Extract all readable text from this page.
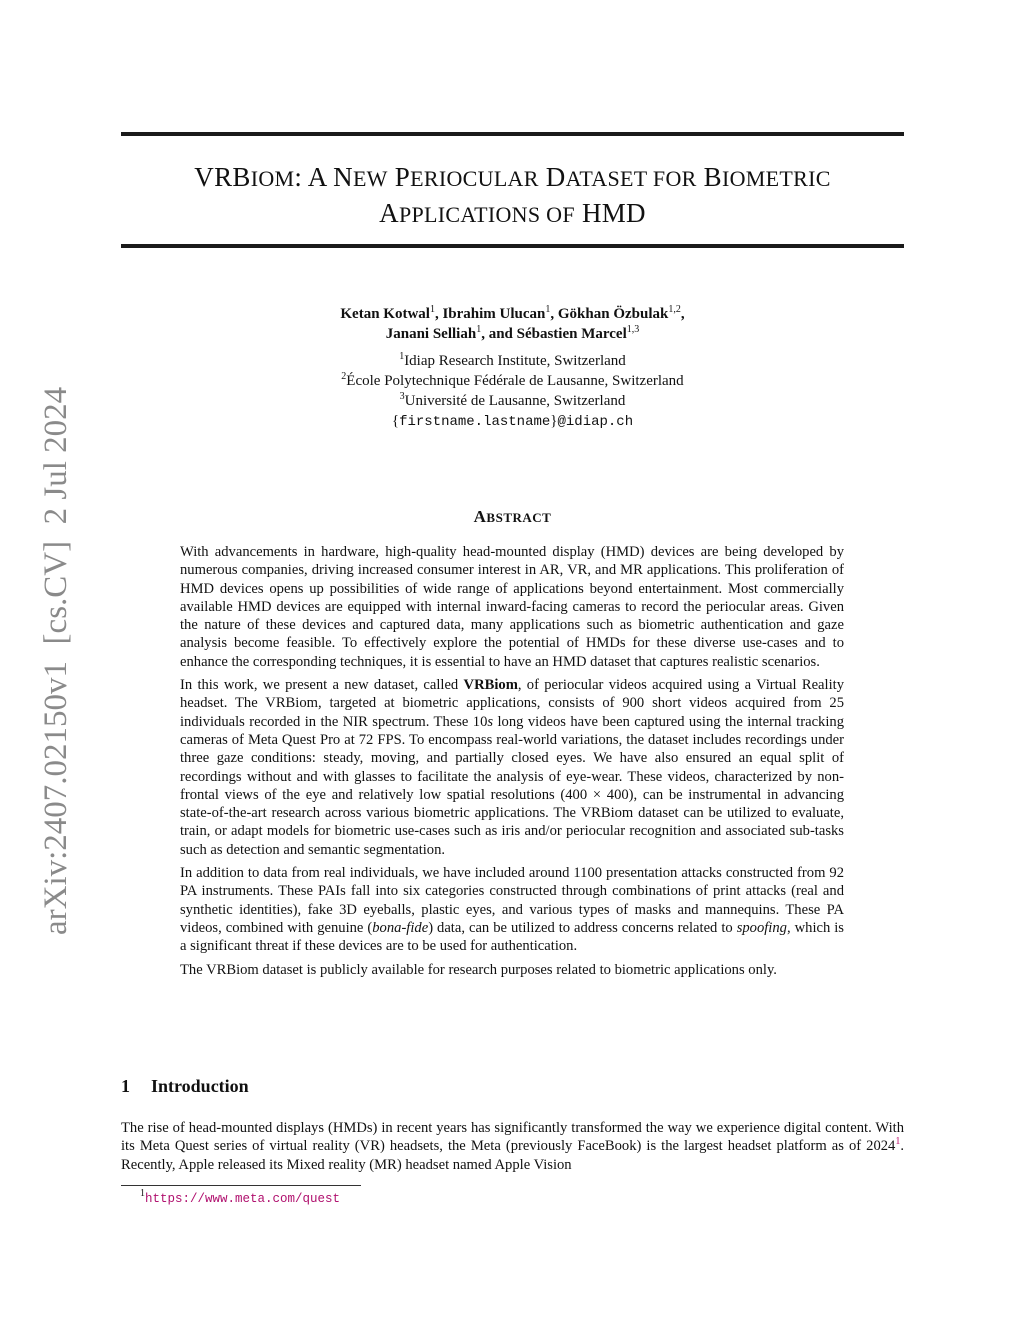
arXiv:2407.02150v1  [cs.CV]  2 Jul 2024
VRBIOM: A NEW PERIOCULAR DATASET FOR BIOMETRIC
APPLICATIONS OF HMD
Ketan Kotwal$^1$, Ibrahim Ulucan$^1$, Gökhan Özbulak$^{1,2}$,
Janani Selliah$^1$, and Sébastien Marcel$^{1,3}$
$^1$Idiap Research Institute, Switzerland
$^2$École Polytechnique Fédérale de Lausanne, Switzerland
$^3$Université de Lausanne, Switzerland
{firstname.lastname}@idiap.ch
ABSTRACT

With advancements in hardware, high-quality head-mounted display (HMD) devices are being developed by numerous companies, driving increased consumer interest in AR, VR, and MR applications. This proliferation of HMD devices opens up possibilities of wide range of applications beyond entertainment. Most commercially available HMD devices are equipped with internal inward-facing cameras to record the periocular areas. Given the nature of these devices and captured data, many applications such as biometric authentication and gaze analysis become feasible. To effectively explore the potential of HMDs for these diverse use-cases and to enhance the corresponding techniques, it is essential to have an HMD dataset that captures realistic scenarios.

In this work, we present a new dataset, called VRBiom, of periocular videos acquired using a Virtual Reality headset. The VRBiom, targeted at biometric applications, consists of 900 short videos acquired from 25 individuals recorded in the NIR spectrum. These 10s long videos have been captured using the internal tracking cameras of Meta Quest Pro at 72 FPS. To encompass real-world variations, the dataset includes recordings under three gaze conditions: steady, moving, and partially closed eyes. We have also ensured an equal split of recordings without and with glasses to facilitate the analysis of eye-wear. These videos, characterized by non-frontal views of the eye and relatively low spatial resolutions (400 × 400), can be instrumental in advancing state-of-the-art research across various biometric applications. The VRBiom dataset can be utilized to evaluate, train, or adapt models for biometric use-cases such as iris and/or periocular recognition and associated sub-tasks such as detection and semantic segmentation.

In addition to data from real individuals, we have included around 1100 presentation attacks constructed from 92 PA instruments. These PAIs fall into six categories constructed through combinations of print attacks (real and synthetic identities), fake 3D eyeballs, plastic eyes, and various types of masks and mannequins. These PA videos, combined with genuine (bona-fide) data, can be utilized to address concerns related to spoofing, which is a significant threat if these devices are to be used for authentication.

The VRBiom dataset is publicly available for research purposes related to biometric applications only.

1 Introduction

The rise of head-mounted displays (HMDs) in recent years has significantly transformed the way we experience digital content. With its Meta Quest series of virtual reality (VR) headsets, the Meta (previously FaceBook) is the largest headset platform as of 2024$^1$. Recently, Apple released its Mixed reality (MR) headset named Apple Vision

$^1$https://www.meta.com/quest
